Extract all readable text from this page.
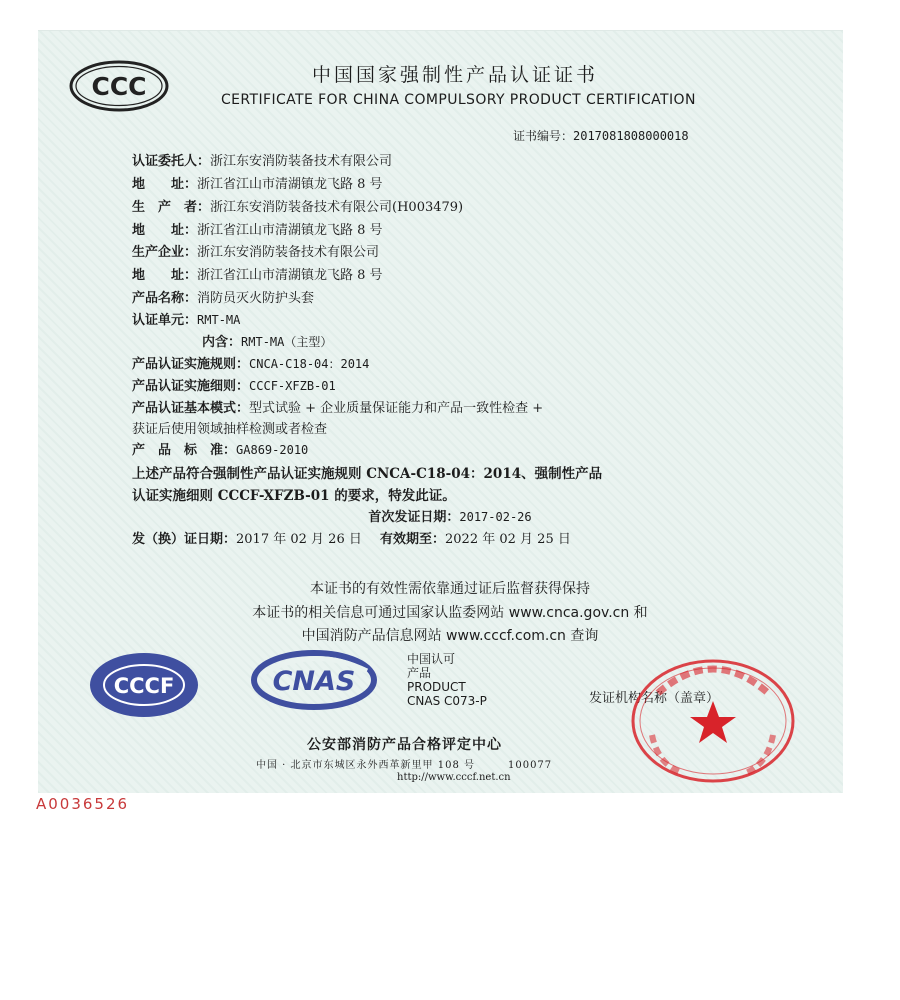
CCC	中国国家强制性产品认证证书
CERTIFICATE FOR CHINA COMPULSORY PRODUCT CERTIFICATION
证书编号：2017081808000018
认证委托人：浙江东安消防装备技术有限公司
地　　址：浙江省江山市清湖镇龙飞路 8 号
生　产　者：浙江东安消防装备技术有限公司(H003479)
地　　址：浙江省江山市清湖镇龙飞路 8 号
生产企业：浙江东安消防装备技术有限公司
地　　址：浙江省江山市清湖镇龙飞路 8 号
产品名称：消防员灭火防护头套
认证单元：RMT-MA
内含：RMT-MA（主型）
产品认证实施规则：CNCA-C18-04：2014
产品认证实施细则：CCCF-XFZB-01
产品认证基本模式：型式试验 + 企业质量保证能力和产品一致性检查 +
获证后使用领域抽样检测或者检查
产　品　标　准：GA869-2010
上述产品符合强制性产品认证实施规则 CNCA-C18-04：2014、强制性产品
认证实施细则 CCCF-XFZB-01 的要求，特发此证。
首次发证日期：2017-02-26
发（换）证日期：2017 年 02 月 26 日 有效期至：2022 年 02 月 25 日
本证书的有效性需依靠通过证后监督获得保持
本证书的相关信息可通过国家认监委网站 www.cnca.gov.cn 和
中国消防产品信息网站 www.cccf.com.cn 查询
CCCF	CNAS
中国认可
产品
PRODUCT
CNAS C073-P	发证机构名称（盖章）
公安部消防产品合格评定中心
中国 · 北京市东城区永外西革新里甲 108 号　　　100077
http://www.cccf.net.cn
A0036526
